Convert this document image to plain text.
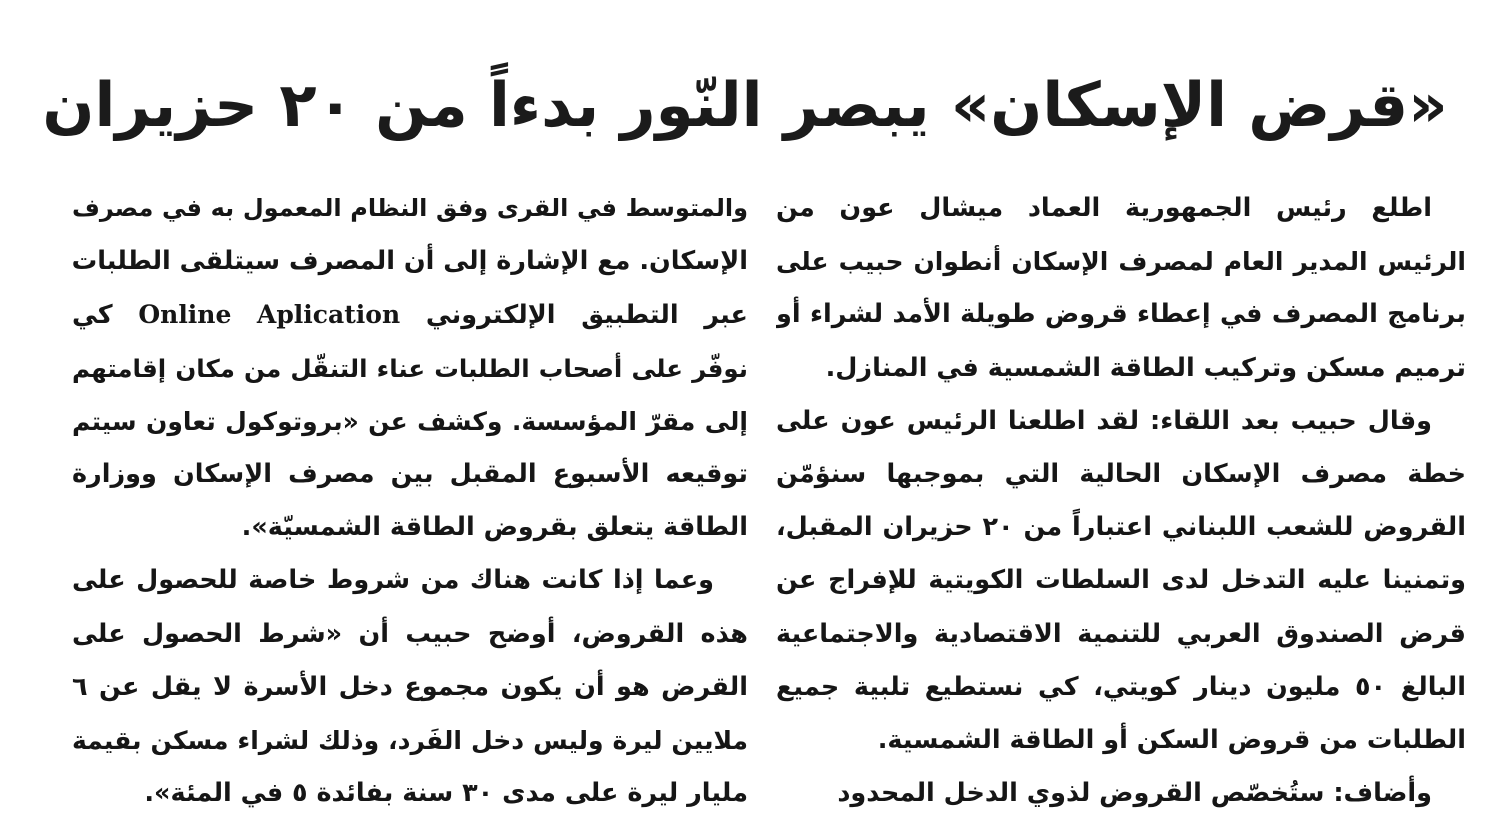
«قرض الإسكان» يبصر النّور بدءاً من ٢٠ حزيران
اطلع رئيس الجمهورية العماد ميشال عون من
الرئيس المدير العام لمصرف الإسكان أنطوان حبيب على
برنامج المصرف في إعطاء قروض طويلة الأمد لشراء أو
ترميم مسكن وتركيب الطاقة الشمسية في المنازل.
وقال حبيب بعد اللقاء: لقد اطلعنا الرئيس عون على
خطة مصرف الإسكان الحالية التي بموجبها سنؤمّن
القروض للشعب اللبناني اعتباراً من ٢٠ حزيران المقبل،
وتمنينا عليه التدخل لدى السلطات الكويتية للإفراج عن
قرض الصندوق العربي للتنمية الاقتصادية والاجتماعية
البالغ ٥٠ مليون دينار كويتي، كي نستطيع تلبية جميع
الطلبات من قروض السكن أو الطاقة الشمسية.
وأضاف: ستُخصّص القروض لذوي الدخل المحدود
والمتوسط في القرى وفق النظام المعمول به في مصرف
الإسكان. مع الإشارة إلى أن المصرف سيتلقى الطلبات
عبر التطبيق الإلكتروني Online Aplication كي
نوفّر على أصحاب الطلبات عناء التنقّل من مكان إقامتهم
إلى مقرّ المؤسسة. وكشف عن «بروتوكول تعاون سيتم
توقيعه الأسبوع المقبل بين مصرف الإسكان ووزارة
الطاقة يتعلق بقروض الطاقة الشمسيّة».
وعما إذا كانت هناك من شروط خاصة للحصول على
هذه القروض، أوضح حبيب أن «شرط الحصول على
القرض هو أن يكون مجموع دخل الأسرة لا يقل عن ٦
ملايين ليرة وليس دخل الفَرد، وذلك لشراء مسكن بقيمة
مليار ليرة على مدى ٣٠ سنة بفائدة ٥ في المئة».
